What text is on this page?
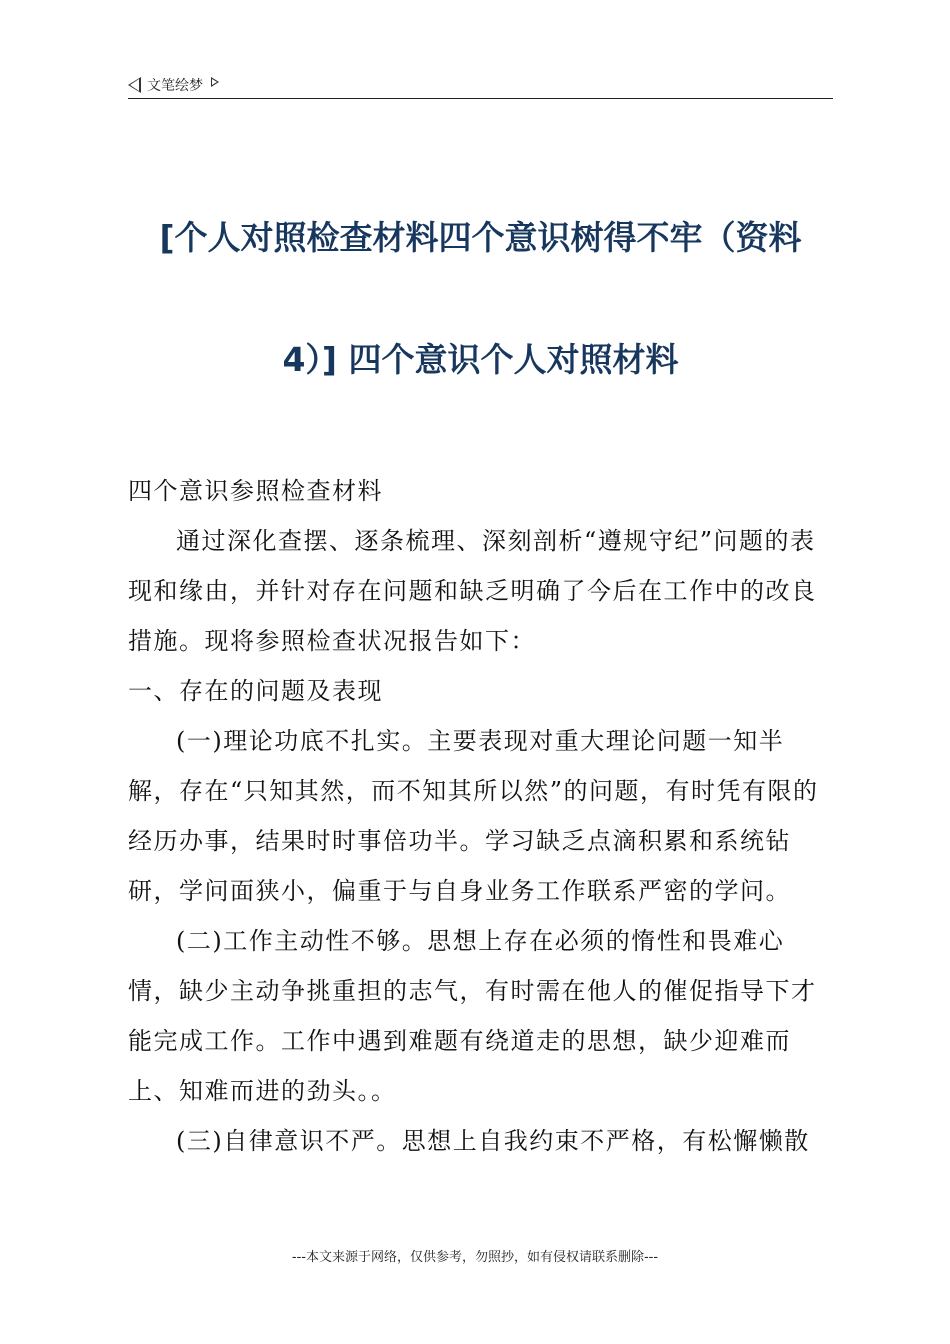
文笔绘梦
[个人对照检查材料四个意识树得不牢（资料
4）] 四个意识个人对照材料

四个意识参照检查材料

通过深化查摆、逐条梳理、深刻剖析“遵规守纪”问题的表现和缘由，并针对存在问题和缺乏明确了今后在工作中的改良措施。现将参照检查状况报告如下：

一、存在的问题及表现

(一)理论功底不扎实。主要表现对重大理论问题一知半解，存在“只知其然，而不知其所以然”的问题，有时凭有限的经历办事，结果时时事倍功半。学习缺乏点滴积累和系统钻研，学问面狭小，偏重于与自身业务工作联系严密的学问。

(二)工作主动性不够。思想上存在必须的惰性和畏难心情，缺少主动争挑重担的志气，有时需在他人的催促指导下才能完成工作。工作中遇到难题有绕道走的思想，缺少迎难而上、知难而进的劲头。。

(三)自律意识不严。思想上自我约束不严格，有松懈懒散

---本文来源于网络，仅供参考，勿照抄，如有侵权请联系删除---
